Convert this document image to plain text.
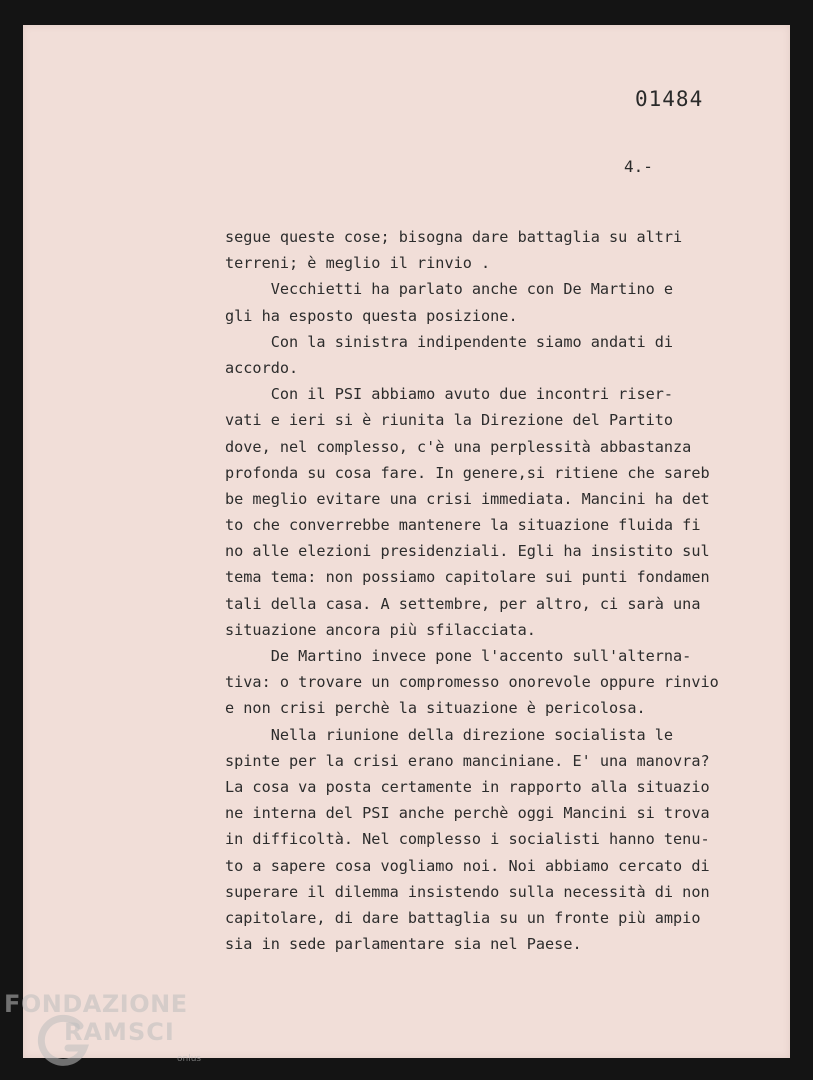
01484
4.-
segue queste cose; bisogna dare battaglia su altri
terreni; è meglio il rinvio .
Vecchietti ha parlato anche con De Martino e
gli ha esposto questa posizione.
Con la sinistra indipendente siamo andati di
accordo.
Con il PSI abbiamo avuto due incontri riser-
vati e ieri si è riunita la Direzione del Partito
dove, nel complesso, c'è una perplessità abbastanza
profonda su cosa fare. In genere,si ritiene che sareb
be meglio evitare una crisi immediata. Mancini ha det
to che converrebbe mantenere la situazione fluida fi
no alle elezioni presidenziali. Egli ha insistito sul
tema tema: non possiamo capitolare sui punti fondamen
tali della casa. A settembre, per altro, ci sarà una
situazione ancora più sfilacciata.
De Martino invece pone l'accento sull'alterna-
tiva: o trovare un compromesso onorevole oppure rinvio
e non crisi perchè la situazione è pericolosa.
Nella riunione della direzione socialista le
spinte per la crisi erano manciniane. E' una manovra?
La cosa va posta certamente in rapporto alla situazio
ne interna del PSI anche perchè oggi Mancini si trova
in difficoltà. Nel complesso i socialisti hanno tenu-
to a sapere cosa vogliamo noi. Noi abbiamo cercato di
superare il dilemma insistendo sulla necessità di non
capitolare, di dare battaglia su un fronte più ampio
sia in sede parlamentare sia nel Paese.
FONDAZIONE
RAMSCI
onlus
